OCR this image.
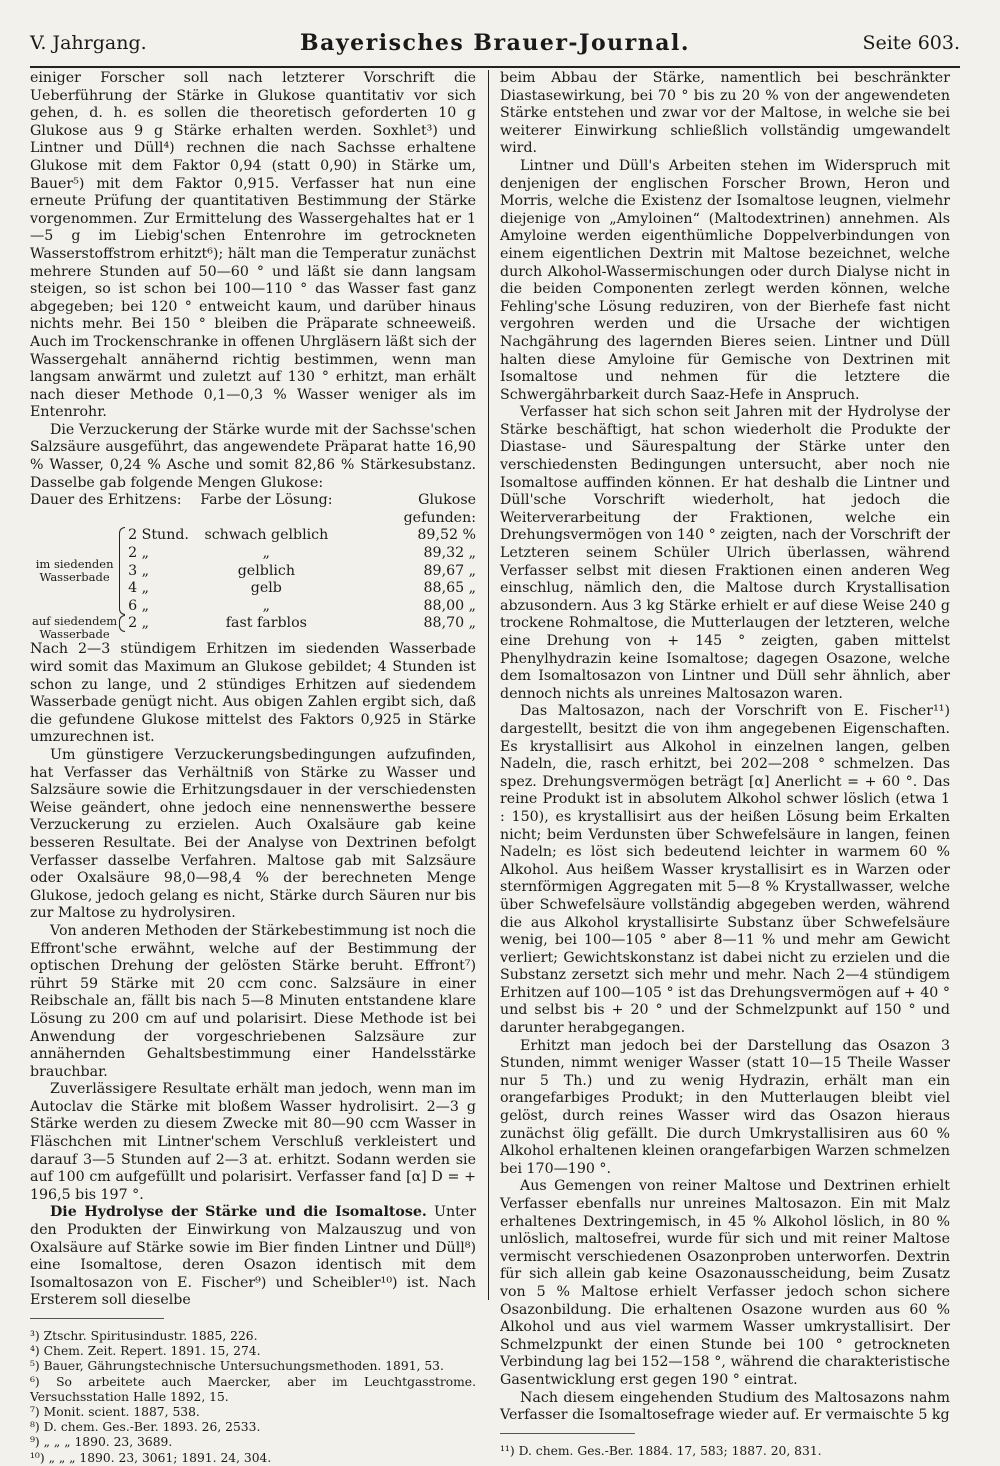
V. Jahrgang.	Bayerisches Brauer-Journal.	Seite 603.

einiger Forscher soll nach letzterer Vorschrift die Ueberführung der Stärke in Glukose quantitativ vor sich gehen, d. h. es sollen die theoretisch geforderten 10 g Glukose aus 9 g Stärke erhalten werden. Soxhlet³) und Lintner und Düll⁴) rechnen die nach Sachsse erhaltene Glukose mit dem Faktor 0,94 (statt 0,90) in Stärke um, Bauer⁵) mit dem Faktor 0,915. Verfasser hat nun eine erneute Prüfung der quantitativen Bestimmung der Stärke vorgenommen. Zur Ermittelung des Wassergehaltes hat er 1—5 g im Liebig'schen Entenrohre im getrockneten Wasserstoffstrom erhitzt⁶); hält man die Temperatur zunächst mehrere Stunden auf 50—60 ° und läßt sie dann langsam steigen, so ist schon bei 100—110 ° das Wasser fast ganz abgegeben; bei 120 ° entweicht kaum, und darüber hinaus nichts mehr. Bei 150 ° bleiben die Präparate schneeweiß. Auch im Trockenschranke in offenen Uhrgläsern läßt sich der Wassergehalt annähernd richtig bestimmen, wenn man langsam anwärmt und zuletzt auf 130 ° erhitzt, man erhält nach dieser Methode 0,1—0,3 % Wasser weniger als im Entenrohr.

Die Verzuckerung der Stärke wurde mit der Sachsse'schen Salzsäure ausgeführt, das angewendete Präparat hatte 16,90 % Wasser, 0,24 % Asche und somit 82,86 % Stärkesubstanz. Dasselbe gab folgende Mengen Glukose:

Dauer des Erhitzens:			Farbe der Lösung:	Glukose gefunden:
im siedenden Wasserbade		2 Stund.	schwach gelblich	89,52 %
		2 „	„	89,32 „
		3 „	gelblich	89,67 „
		4 „	gelb	88,65 „
		6 „	„	88,00 „
auf siedendem Wasserbade		2 „	fast farblos	88,70 „

Nach 2—3 stündigem Erhitzen im siedenden Wasserbade wird somit das Maximum an Glukose gebildet; 4 Stunden ist schon zu lange, und 2 stündiges Erhitzen auf siedendem Wasserbade genügt nicht. Aus obigen Zahlen ergibt sich, daß die gefundene Glukose mittelst des Faktors 0,925 in Stärke umzurechnen ist.

Um günstigere Verzuckerungsbedingungen aufzufinden, hat Verfasser das Verhältniß von Stärke zu Wasser und Salzsäure sowie die Erhitzungsdauer in der verschiedensten Weise geändert, ohne jedoch eine nennenswerthe bessere Verzuckerung zu erzielen. Auch Oxalsäure gab keine besseren Resultate. Bei der Analyse von Dextrinen befolgt Verfasser dasselbe Verfahren. Maltose gab mit Salzsäure oder Oxalsäure 98,0—98,4 % der berechneten Menge Glukose, jedoch gelang es nicht, Stärke durch Säuren nur bis zur Maltose zu hydrolysiren.

Von anderen Methoden der Stärkebestimmung ist noch die Effront'sche erwähnt, welche auf der Bestimmung der optischen Drehung der gelösten Stärke beruht. Effront⁷) rührt 59 Stärke mit 20 ccm conc. Salzsäure in einer Reibschale an, fällt bis nach 5—8 Minuten entstandene klare Lösung zu 200 cm auf und polarisirt. Diese Methode ist bei Anwendung der vorgeschriebenen Salzsäure zur annähernden Gehaltsbestimmung einer Handelsstärke brauchbar.

Zuverlässigere Resultate erhält man jedoch, wenn man im Autoclav die Stärke mit bloßem Wasser hydrolisirt. 2—3 g Stärke werden zu diesem Zwecke mit 80—90 ccm Wasser in Fläschchen mit Lintner'schem Verschluß verkleistert und darauf 3—5 Stunden auf 2—3 at. erhitzt. Sodann werden sie auf 100 cm aufgefüllt und polarisirt. Verfasser fand [α] D = + 196,5 bis 197 °.

Die Hydrolyse der Stärke und die Isomaltose. Unter den Produkten der Einwirkung von Malzauszug und von Oxalsäure auf Stärke sowie im Bier finden Lintner und Düll⁸) eine Isomaltose, deren Osazon identisch mit dem Isomaltosazon von E. Fischer⁹) und Scheibler¹⁰) ist. Nach Ersterem soll dieselbe

³) Ztschr. Spiritusindustr. 1885, 226.
⁴) Chem. Zeit. Repert. 1891. 15, 274.
⁵) Bauer, Gährungstechnische Untersuchungsmethoden. 1891, 53.
⁶) So arbeitete auch Maercker, aber im Leuchtgasstrome. Versuchsstation Halle 1892, 15.
⁷) Monit. scient. 1887, 538.
⁸) D. chem. Ges.-Ber. 1893. 26, 2533.
⁹) „ „ „ 1890. 23, 3689.
¹⁰) „ „ „ 1890. 23, 3061; 1891. 24, 304.

beim Abbau der Stärke, namentlich bei beschränkter Diastasewirkung, bei 70 ° bis zu 20 % von der angewendeten Stärke entstehen und zwar vor der Maltose, in welche sie bei weiterer Einwirkung schließlich vollständig umgewandelt wird.

Lintner und Düll's Arbeiten stehen im Widerspruch mit denjenigen der englischen Forscher Brown, Heron und Morris, welche die Existenz der Isomaltose leugnen, vielmehr diejenige von „Amyloinen“ (Maltodextrinen) annehmen. Als Amyloine werden eigenthümliche Doppelverbindungen von einem eigentlichen Dextrin mit Maltose bezeichnet, welche durch Alkohol-Wassermischungen oder durch Dialyse nicht in die beiden Componenten zerlegt werden können, welche Fehling'sche Lösung reduziren, von der Bierhefe fast nicht vergohren werden und die Ursache der wichtigen Nachgährung des lagernden Bieres seien. Lintner und Düll halten diese Amyloine für Gemische von Dextrinen mit Isomaltose und nehmen für die letztere die Schwergährbarkeit durch Saaz-Hefe in Anspruch.

Verfasser hat sich schon seit Jahren mit der Hydrolyse der Stärke beschäftigt, hat schon wiederholt die Produkte der Diastase- und Säurespaltung der Stärke unter den verschiedensten Bedingungen untersucht, aber noch nie Isomaltose auffinden können. Er hat deshalb die Lintner und Düll'sche Vorschrift wiederholt, hat jedoch die Weiterverarbeitung der Fraktionen, welche ein Drehungsvermögen von 140 ° zeigten, nach der Vorschrift der Letzteren seinem Schüler Ulrich überlassen, während Verfasser selbst mit diesen Fraktionen einen anderen Weg einschlug, nämlich den, die Maltose durch Krystallisation abzusondern. Aus 3 kg Stärke erhielt er auf diese Weise 240 g trockene Rohmaltose, die Mutterlaugen der letzteren, welche eine Drehung von + 145 ° zeigten, gaben mittelst Phenylhydrazin keine Isomaltose; dagegen Osazone, welche dem Isomaltosazon von Lintner und Düll sehr ähnlich, aber dennoch nichts als unreines Maltosazon waren.

Das Maltosazon, nach der Vorschrift von E. Fischer¹¹) dargestellt, besitzt die von ihm angegebenen Eigenschaften. Es krystallisirt aus Alkohol in einzelnen langen, gelben Nadeln, die, rasch erhitzt, bei 202—208 ° schmelzen. Das spez. Drehungsvermögen beträgt [α] Anerlicht = + 60 °. Das reine Produkt ist in absolutem Alkohol schwer löslich (etwa 1 : 150), es krystallisirt aus der heißen Lösung beim Erkalten nicht; beim Verdunsten über Schwefelsäure in langen, feinen Nadeln; es löst sich bedeutend leichter in warmem 60 % Alkohol. Aus heißem Wasser krystallisirt es in Warzen oder sternförmigen Aggregaten mit 5—8 % Krystallwasser, welche über Schwefelsäure vollständig abgegeben werden, während die aus Alkohol krystallisirte Substanz über Schwefelsäure wenig, bei 100—105 ° aber 8—11 % und mehr am Gewicht verliert; Gewichtskonstanz ist dabei nicht zu erzielen und die Substanz zersetzt sich mehr und mehr. Nach 2—4 stündigem Erhitzen auf 100—105 ° ist das Drehungsvermögen auf + 40 ° und selbst bis + 20 ° und der Schmelzpunkt auf 150 ° und darunter herabgegangen.

Erhitzt man jedoch bei der Darstellung das Osazon 3 Stunden, nimmt weniger Wasser (statt 10—15 Theile Wasser nur 5 Th.) und zu wenig Hydrazin, erhält man ein orangefarbiges Produkt; in den Mutterlaugen bleibt viel gelöst, durch reines Wasser wird das Osazon hieraus zunächst ölig gefällt. Die durch Umkrystallisiren aus 60 % Alkohol erhaltenen kleinen orangefarbigen Warzen schmelzen bei 170—190 °.

Aus Gemengen von reiner Maltose und Dextrinen erhielt Verfasser ebenfalls nur unreines Maltosazon. Ein mit Malz erhaltenes Dextringemisch, in 45 % Alkohol löslich, in 80 % unlöslich, maltosefrei, wurde für sich und mit reiner Maltose vermischt verschiedenen Osazonproben unterworfen. Dextrin für sich allein gab keine Osazonausscheidung, beim Zusatz von 5 % Maltose erhielt Verfasser jedoch schon sichere Osazonbildung. Die erhaltenen Osazone wurden aus 60 % Alkohol und aus viel warmem Wasser umkrystallisirt. Der Schmelzpunkt der einen Stunde bei 100 ° getrockneten Verbindung lag bei 152—158 °, während die charakteristische Gasentwicklung erst gegen 190 ° eintrat.

Nach diesem eingehenden Studium des Maltosazons nahm Verfasser die Isomaltosefrage wieder auf. Er vermaischte 5 kg

¹¹) D. chem. Ges.-Ber. 1884. 17, 583; 1887. 20, 831.
